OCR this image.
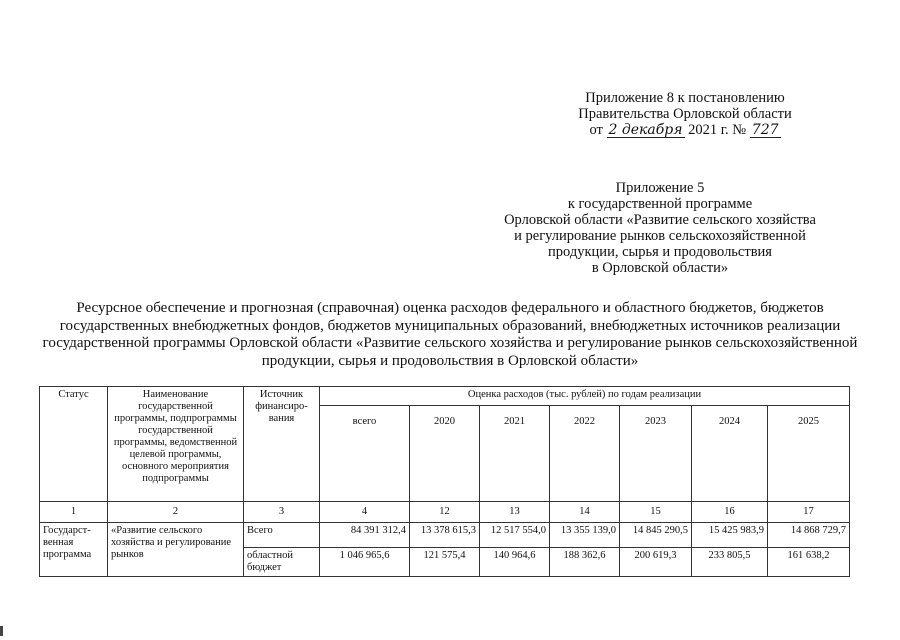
Приложение 8 к постановлению
Правительства Орловской области
от 2 декабря 2021 г. № 727
Приложение 5
к государственной программе
Орловской области «Развитие сельского хозяйства
и регулирование рынков сельскохозяйственной
продукции, сырья и продовольствия
в Орловской области»
Ресурсное обеспечение и прогнозная (справочная) оценка расходов федерального и областного бюджетов, бюджетов
государственных внебюджетных фондов, бюджетов муниципальных образований, внебюджетных источников реализации
государственной программы Орловской области «Развитие сельского хозяйства и регулирование рынков сельскохозяйственной
продукции, сырья и продовольствия в Орловской области»
Статус	Наименование государственной программы, подпрограммы государственной программы, ведомственной целевой программы, основного мероприятия подпрограммы	Источник финансиро-вания	Оценка расходов (тыс. рублей) по годам реализации						
			всего	2020	2021	2022	2023	2024	2025
1	2	3	4	12	13	14	15	16	17
Государст-венная программа	«Развитие сельского хозяйства и регулирование рынков	Всего	84 391 312,4	13 378 615,3	12 517 554,0	13 355 139,0	14 845 290,5	15 425 983,9	14 868 729,7
		областной бюджет	1 046 965,6	121 575,4	140 964,6	188 362,6	200 619,3	233 805,5	161 638,2
